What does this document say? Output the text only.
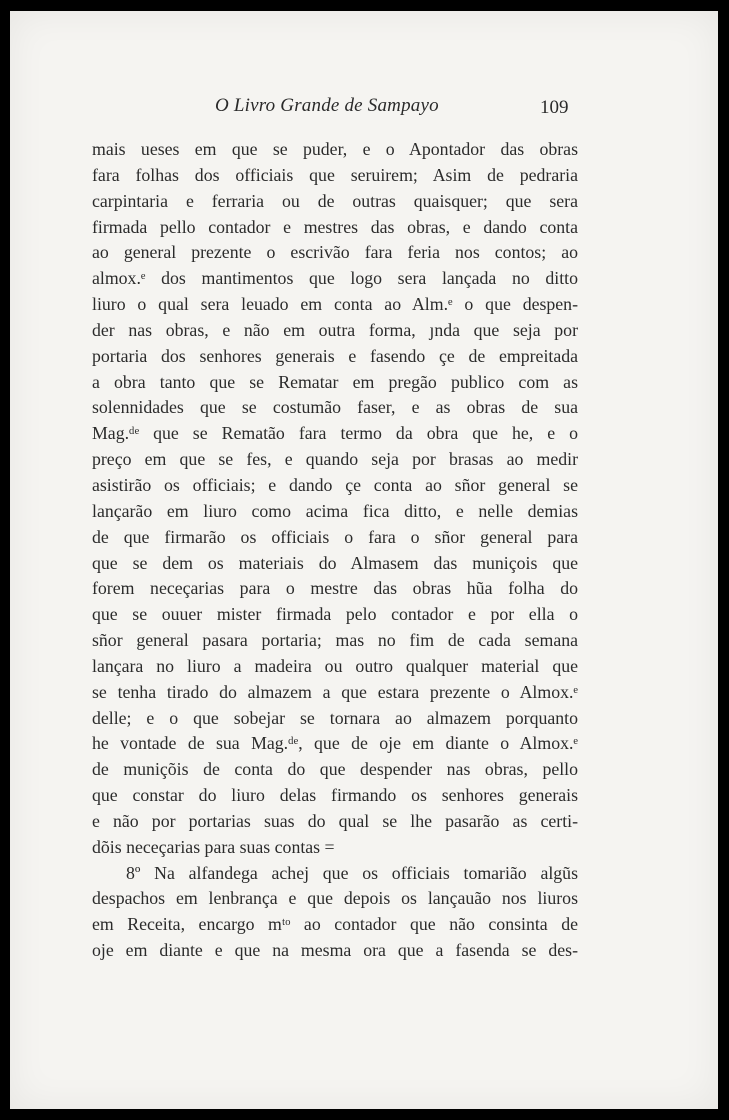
O Livro Grande de Sampayo	109
mais ueses em que se puder, e o Apontador das obras
fara folhas dos officiais que seruirem; Asim de pedraria
carpintaria e ferraria ou de outras quaisquer; que sera
firmada pello contador e mestres das obras, e dando conta
ao general prezente o escrivão fara feria nos contos; ao
almox.ᵉ dos mantimentos que logo sera lançada no ditto
liuro o qual sera leuado em conta ao Alm.ᵉ o que despen-
der nas obras, e não em outra forma, ȷnda que seja por
portaria dos senhores generais e fasendo çe de empreitada
a obra tanto que se Rematar em pregão publico com as
solennidades que se costumão faser, e as obras de sua
Mag.ᵈᵉ que se Rematão fara termo da obra que he, e o
preço em que se fes, e quando seja por brasas ao medir
asistirão os officiais; e dando çe conta ao sñor general se
lançarão em liuro como acima fica ditto, e nelle demias
de que firmarão os officiais o fara o sñor general para
que se dem os materiais do Almasem das muniçois que
forem neceçarias para o mestre das obras hũa folha do
que se ouuer mister firmada pelo contador e por ella o
sñor general pasara portaria; mas no fim de cada semana
lançara no liuro a madeira ou outro qualquer material que
se tenha tirado do almazem a que estara prezente o Almox.ᵉ
delle; e o que sobejar se tornara ao almazem porquanto
he vontade de sua Mag.ᵈᵉ, que de oje em diante o Almox.ᵉ
de muniçõis de conta do que despender nas obras, pello
que constar do liuro delas firmando os senhores generais
e não por portarias suas do qual se lhe pasarão as certi-
dõis neceçarias para suas contas =
8º Na alfandega achej que os officiais tomarião algũs
despachos em lenbrança e que depois os lançauão nos liuros
em Receita, encargo mᵗᵒ ao contador que não consinta de
oje em diante e que na mesma ora que a fasenda se des-
